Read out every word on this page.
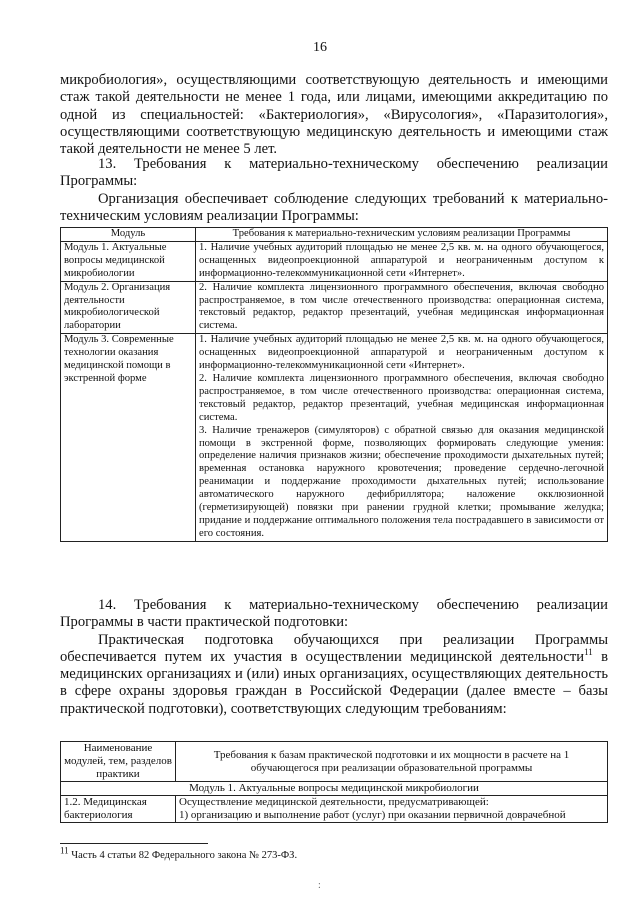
16

микробиология», осуществляющими соответствующую деятельность и имеющими стаж такой деятельности не менее 1 года, или лицами, имеющими аккредитацию по одной из специальностей: «Бактериология», «Вирусология», «Паразитология», осуществляющими соответствующую медицинскую деятельность и имеющими стаж такой деятельности не менее 5 лет.

13. Требования к материально-техническому обеспечению реализации Программы:

Организация обеспечивает соблюдение следующих требований к материально-техническим условиям реализации Программы:

Модуль	Требования к материально-техническим условиям реализации Программы
Модуль 1. Актуальные вопросы медицинской микробиологии	1. Наличие учебных аудиторий площадью не менее 2,5 кв. м. на одного обучающегося, оснащенных видеопроекционной аппаратурой и неограниченным доступом к информационно-телекоммуникационной сети «Интернет».

Модуль 2. Организация деятельности микробиологической лаборатории	2. Наличие комплекта лицензионного программного обеспечения, включая свободно распространяемое, в том числе отечественного производства: операционная система, текстовый редактор, редактор презентаций, учебная медицинская информационная система.

Модуль 3. Современные технологии оказания медицинской помощи в экстренной форме	1. Наличие учебных аудиторий площадью не менее 2,5 кв. м. на одного обучающегося, оснащенных видеопроекционной аппаратурой и неограниченным доступом к информационно-телекоммуникационной сети «Интернет».

2. Наличие комплекта лицензионного программного обеспечения, включая свободно распространяемое, в том числе отечественного производства: операционная система, текстовый редактор, редактор презентаций, учебная медицинская информационная система.

3. Наличие тренажеров (симуляторов) с обратной связью для оказания медицинской помощи в экстренной форме, позволяющих формировать следующие умения: определение наличия признаков жизни; обеспечение проходимости дыхательных путей; временная остановка наружного кровотечения; проведение сердечно-легочной реанимации и поддержание проходимости дыхательных путей; использование автоматического наружного дефибриллятора; наложение окклюзионной (герметизирующей) повязки при ранении грудной клетки; промывание желудка; придание и поддержание оптимального положения тела пострадавшего в зависимости от его состояния.

14. Требования к материально-техническому обеспечению реализации Программы в части практической подготовки:

Практическая подготовка обучающихся при реализации Программы обеспечивается путем их участия в осуществлении медицинской деятельности$^{11}$ в медицинских организациях и (или) иных организациях, осуществляющих деятельность в сфере охраны здоровья граждан в Российской Федерации (далее вместе – базы практической подготовки), соответствующих следующим требованиям:

Наименование модулей, тем, разделов практики	Требования к базам практической подготовки и их мощности в расчете на 1 обучающегося при реализации образовательной программы
Модуль 1. Актуальные вопросы медицинской микробиологии	
1.2. Медицинская бактериология	Осуществление медицинской деятельности, предусматривающей:
1) организацию и выполнение работ (услуг) при оказании первичной доврачебной
$^{11}$ Часть 4 статьи 82 Федерального закона № 273-ФЗ.
:
